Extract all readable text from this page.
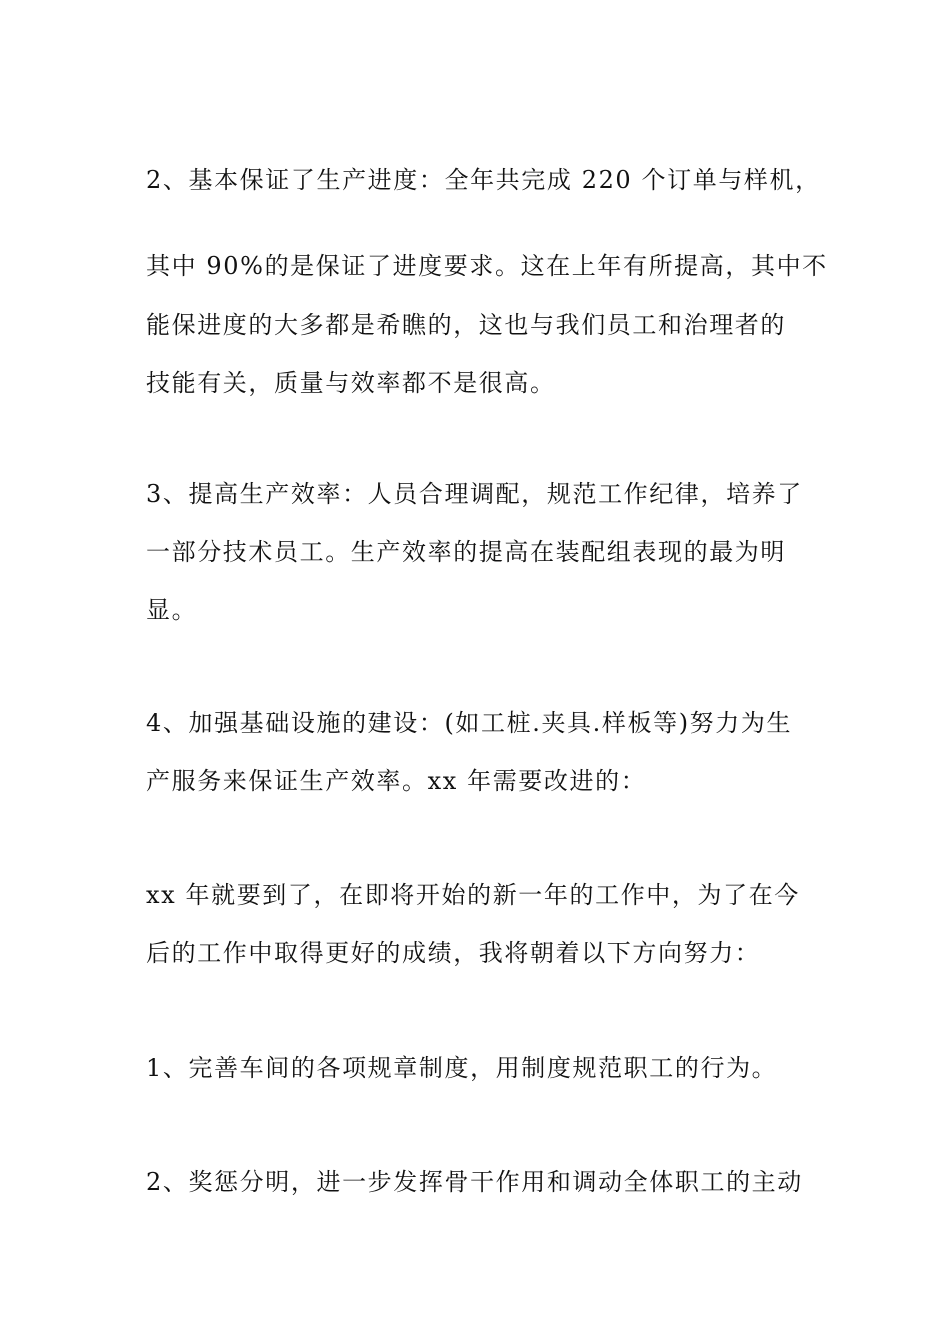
2、基本保证了生产进度：全年共完成 220 个订单与样机，
其中 90%的是保证了进度要求。这在上年有所提高，其中不
能保进度的大多都是希瞧的，这也与我们员工和治理者的
技能有关，质量与效率都不是很高。
3、提高生产效率：人员合理调配，规范工作纪律，培养了
一部分技术员工。生产效率的提高在装配组表现的最为明
显。
4、加强基础设施的建设：(如工桩.夹具.样板等)努力为生
产服务来保证生产效率。xx 年需要改进的：
xx 年就要到了，在即将开始的新一年的工作中，为了在今
后的工作中取得更好的成绩，我将朝着以下方向努力：
1、完善车间的各项规章制度，用制度规范职工的行为。
2、奖惩分明，进一步发挥骨干作用和调动全体职工的主动
